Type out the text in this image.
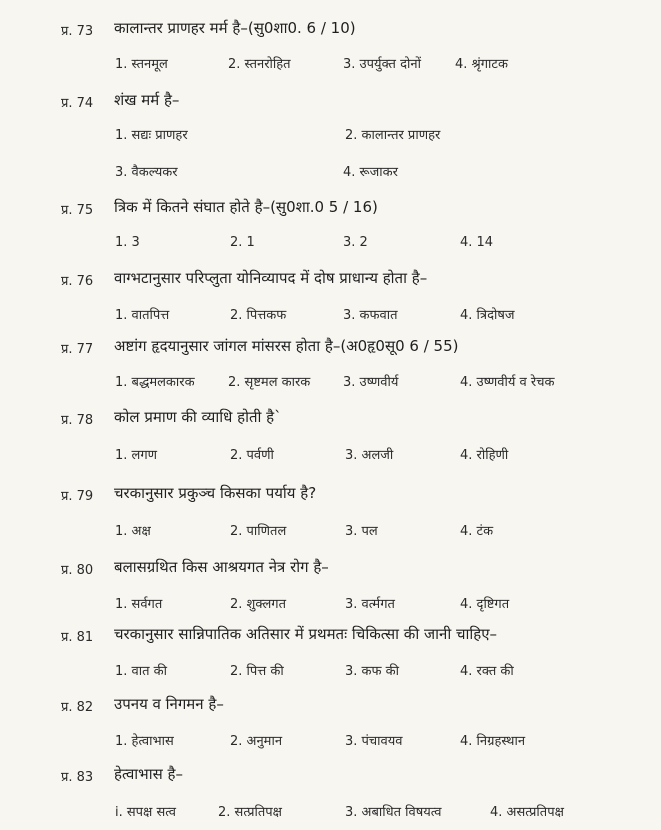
प्र. 73 कालान्तर प्राणहर मर्म है–(सु0शा0. 6 / 10)
1. स्तनमूल	2. स्तनरोहित	3. उपर्युक्त दोनों	4. श्रृंगाटक
प्र. 74 शंख मर्म है–
1. सद्यः प्राणहर	2. कालान्तर प्राणहर
3. वैकल्यकर	4. रूजाकर
प्र. 75 त्रिक में कितने संघात होते है–(सु0शा.0 5 / 16)
1. 3	2. 1	3. 2	4. 14
प्र. 76 वाग्भटानुसार परिप्लुता योनिव्यापद में दोष प्राधान्य होता है–
1. वातपित्त	2. पित्तकफ	3. कफवात	4. त्रिदोषज
प्र. 77 अष्टांग हृदयानुसार जांगल मांसरस होता है–(अ0हृ0सू0 6 / 55)
1. बद्धमलकारक	2. सृष्टमल कारक	3. उष्णवीर्य	4. उष्णवीर्य व रेचक
प्र. 78 कोल प्रमाण की व्याधि होती है`
1. लगण	2. पर्वणी	3. अलजी	4. रोहिणी
प्र. 79 चरकानुसार प्रकुञ्च किसका पर्याय है?
1. अक्ष	2. पाणितल	3. पल	4. टंक
प्र. 80 बलासग्रथित किस आश्रयगत नेत्र रोग है–
1. सर्वगत	2. शुक्लगत	3. वर्त्मगत	4. दृष्टिगत
प्र. 81 चरकानुसार सान्निपातिक अतिसार में प्रथमतः चिकित्सा की जानी चाहिए–
1. वात की	2. पित्त की	3. कफ की	4. रक्त की
प्र. 82 उपनय व निगमन है–
1. हेत्वाभास	2. अनुमान	3. पंचावयव	4. निग्रहस्थान
प्र. 83 हेत्वाभास है–
i. सपक्ष सत्व	2. सत्प्रतिपक्ष	3. अबाधित विषयत्व	4. असत्प्रतिपक्ष
